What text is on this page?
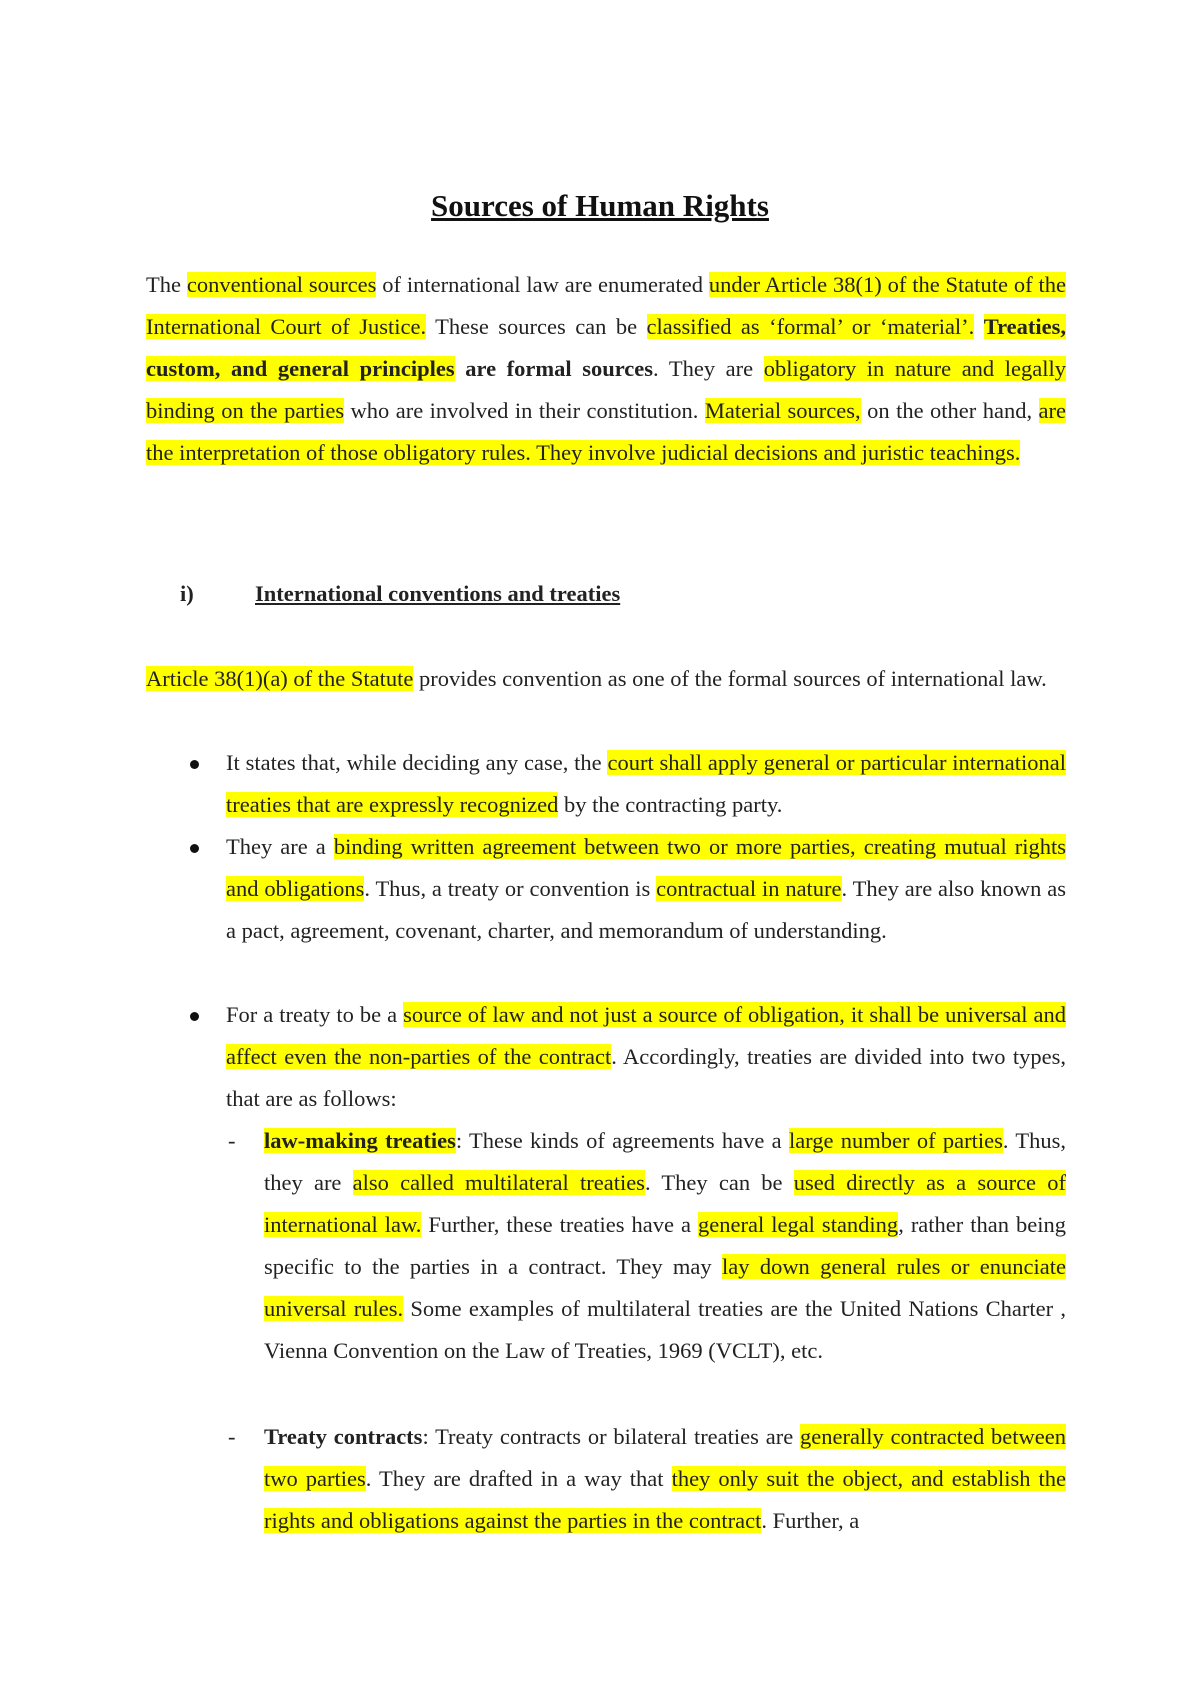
Sources of Human Rights

The conventional sources of international law are enumerated under Article 38(1) of the Statute of the International Court of Justice. These sources can be classified as ‘formal’ or ‘material’. Treaties, custom, and general principles are formal sources. They are obligatory in nature and legally binding on the parties who are involved in their constitution. Material sources, on the other hand, are the interpretation of those obligatory rules. They involve judicial decisions and juristic teachings.

i)	International conventions and treaties

Article 38(1)(a) of the Statute provides convention as one of the formal sources of international law.

It states that, while deciding any case, the court shall apply general or particular international treaties that are expressly recognized by the contracting party.
They are a binding written agreement between two or more parties, creating mutual rights and obligations. Thus, a treaty or convention is contractual in nature. They are also known as a pact, agreement, covenant, charter, and memorandum of understanding.
For a treaty to be a source of law and not just a source of obligation, it shall be universal and affect even the non-parties of the contract. Accordingly, treaties are divided into two types, that are as follows:
- law-making treaties: These kinds of agreements have a large number of parties. Thus, they are also called multilateral treaties. They can be used directly as a source of international law. Further, these treaties have a general legal standing, rather than being specific to the parties in a contract. They may lay down general rules or enunciate universal rules. Some examples of multilateral treaties are the United Nations Charter , Vienna Convention on the Law of Treaties, 1969 (VCLT), etc.
- Treaty contracts: Treaty contracts or bilateral treaties are generally contracted between two parties. They are drafted in a way that they only suit the object, and establish the rights and obligations against the parties in the contract. Further, a
